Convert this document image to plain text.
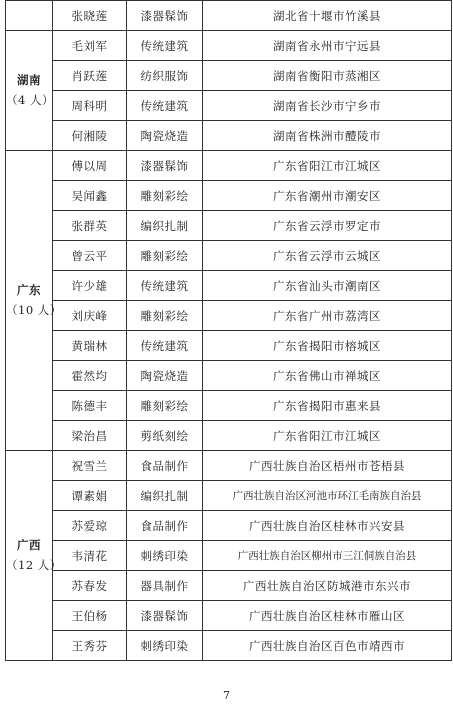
	张晓莲	漆器髹饰	湖北省十堰市竹溪县

湖南
（4 人）	毛刘军	传统建筑	湖南省永州市宁远县
	肖跃莲	纺织服饰	湖南省衡阳市蒸湘区
	周科明	传统建筑	湖南省长沙市宁乡市
	何湘陵	陶瓷烧造	湖南省株洲市醴陵市

广东
（10 人）	傅以周	漆器髹饰	广东省阳江市江城区
	吴闻鑫	雕刻彩绘	广东省潮州市潮安区
	张群英	编织扎制	广东省云浮市罗定市
	曾云平	雕刻彩绘	广东省云浮市云城区
	许少雄	传统建筑	广东省汕头市潮南区
	刘庆峰	雕刻彩绘	广东省广州市荔湾区
	黄瑞林	传统建筑	广东省揭阳市榕城区
	霍然均	陶瓷烧造	广东省佛山市禅城区
	陈德丰	雕刻彩绘	广东省揭阳市惠来县
	梁治昌	剪纸刻绘	广东省阳江市江城区

广西
（12 人）	祝雪兰	食品制作	广西壮族自治区梧州市苍梧县
	谭素娟	编织扎制	广西壮族自治区河池市环江毛南族自治县
	苏爱琼	食品制作	广西壮族自治区桂林市兴安县
	韦清花	刺绣印染	广西壮族自治区柳州市三江侗族自治县
	苏春发	器具制作	广西壮族自治区防城港市东兴市
	王伯杨	漆器髹饰	广西壮族自治区桂林市雁山区
	王秀芬	刺绣印染	广西壮族自治区百色市靖西市
7
